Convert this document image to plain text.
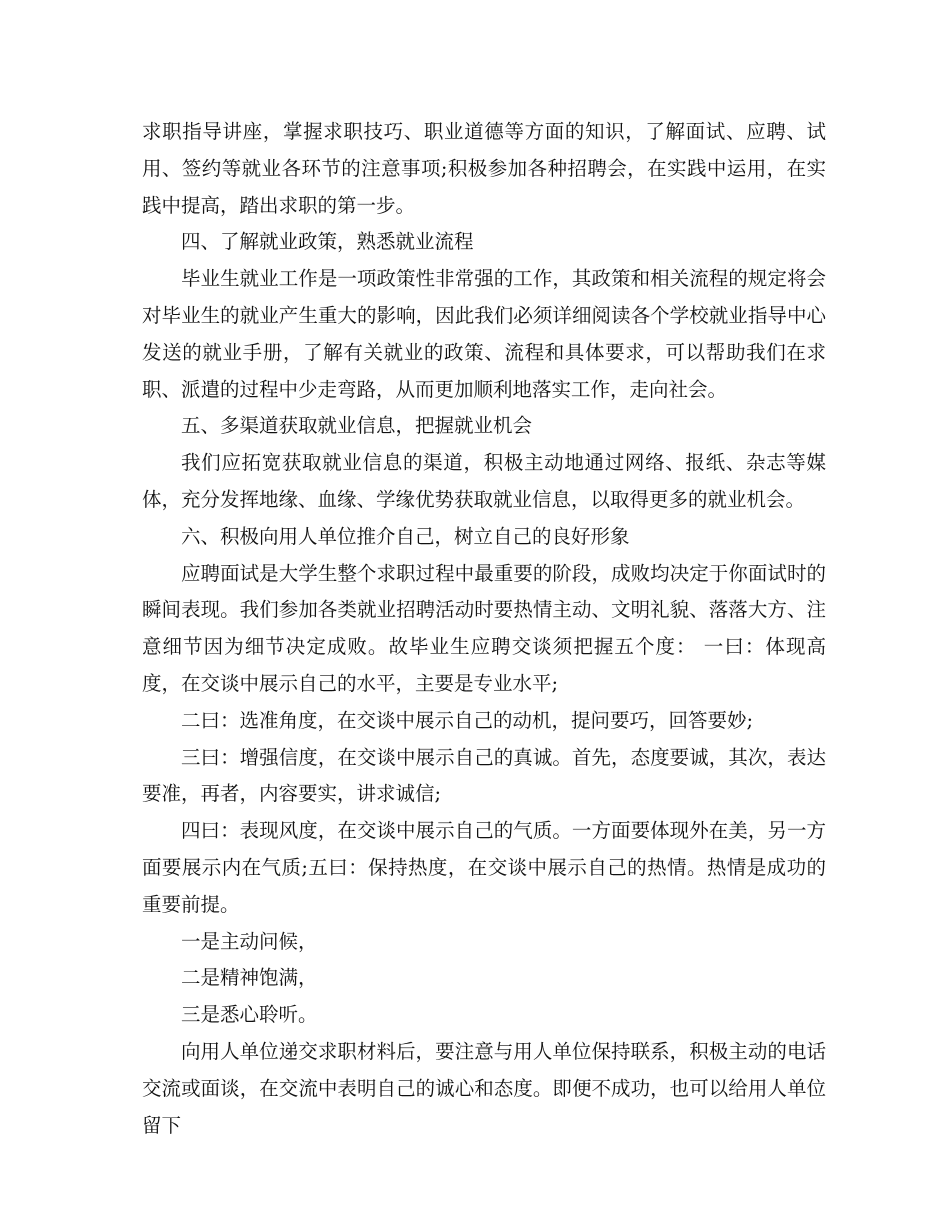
求职指导讲座，掌握求职技巧、职业道德等方面的知识，了解面试、应聘、试用、签约等就业各环节的注意事项;积极参加各种招聘会，在实践中运用，在实践中提高，踏出求职的第一步。

四、了解就业政策，熟悉就业流程

毕业生就业工作是一项政策性非常强的工作，其政策和相关流程的规定将会对毕业生的就业产生重大的影响，因此我们必须详细阅读各个学校就业指导中心发送的就业手册，了解有关就业的政策、流程和具体要求，可以帮助我们在求职、派遣的过程中少走弯路，从而更加顺利地落实工作，走向社会。

五、多渠道获取就业信息，把握就业机会

我们应拓宽获取就业信息的渠道，积极主动地通过网络、报纸、杂志等媒体，充分发挥地缘、血缘、学缘优势获取就业信息，以取得更多的就业机会。

六、积极向用人单位推介自己，树立自己的良好形象

应聘面试是大学生整个求职过程中最重要的阶段，成败均决定于你面试时的瞬间表现。我们参加各类就业招聘活动时要热情主动、文明礼貌、落落大方、注意细节因为细节决定成败。故毕业生应聘交谈须把握五个度： 一曰：体现高度，在交谈中展示自己的水平，主要是专业水平;

二曰：选准角度，在交谈中展示自己的动机，提问要巧，回答要妙;

三曰：增强信度，在交谈中展示自己的真诚。首先，态度要诚，其次，表达要准，再者，内容要实，讲求诚信;

四曰：表现风度，在交谈中展示自己的气质。一方面要体现外在美，另一方面要展示内在气质;五曰：保持热度，在交谈中展示自己的热情。热情是成功的重要前提。

一是主动问候，

二是精神饱满，

三是悉心聆听。

向用人单位递交求职材料后，要注意与用人单位保持联系，积极主动的电话交流或面谈，在交流中表明自己的诚心和态度。即便不成功，也可以给用人单位留下
